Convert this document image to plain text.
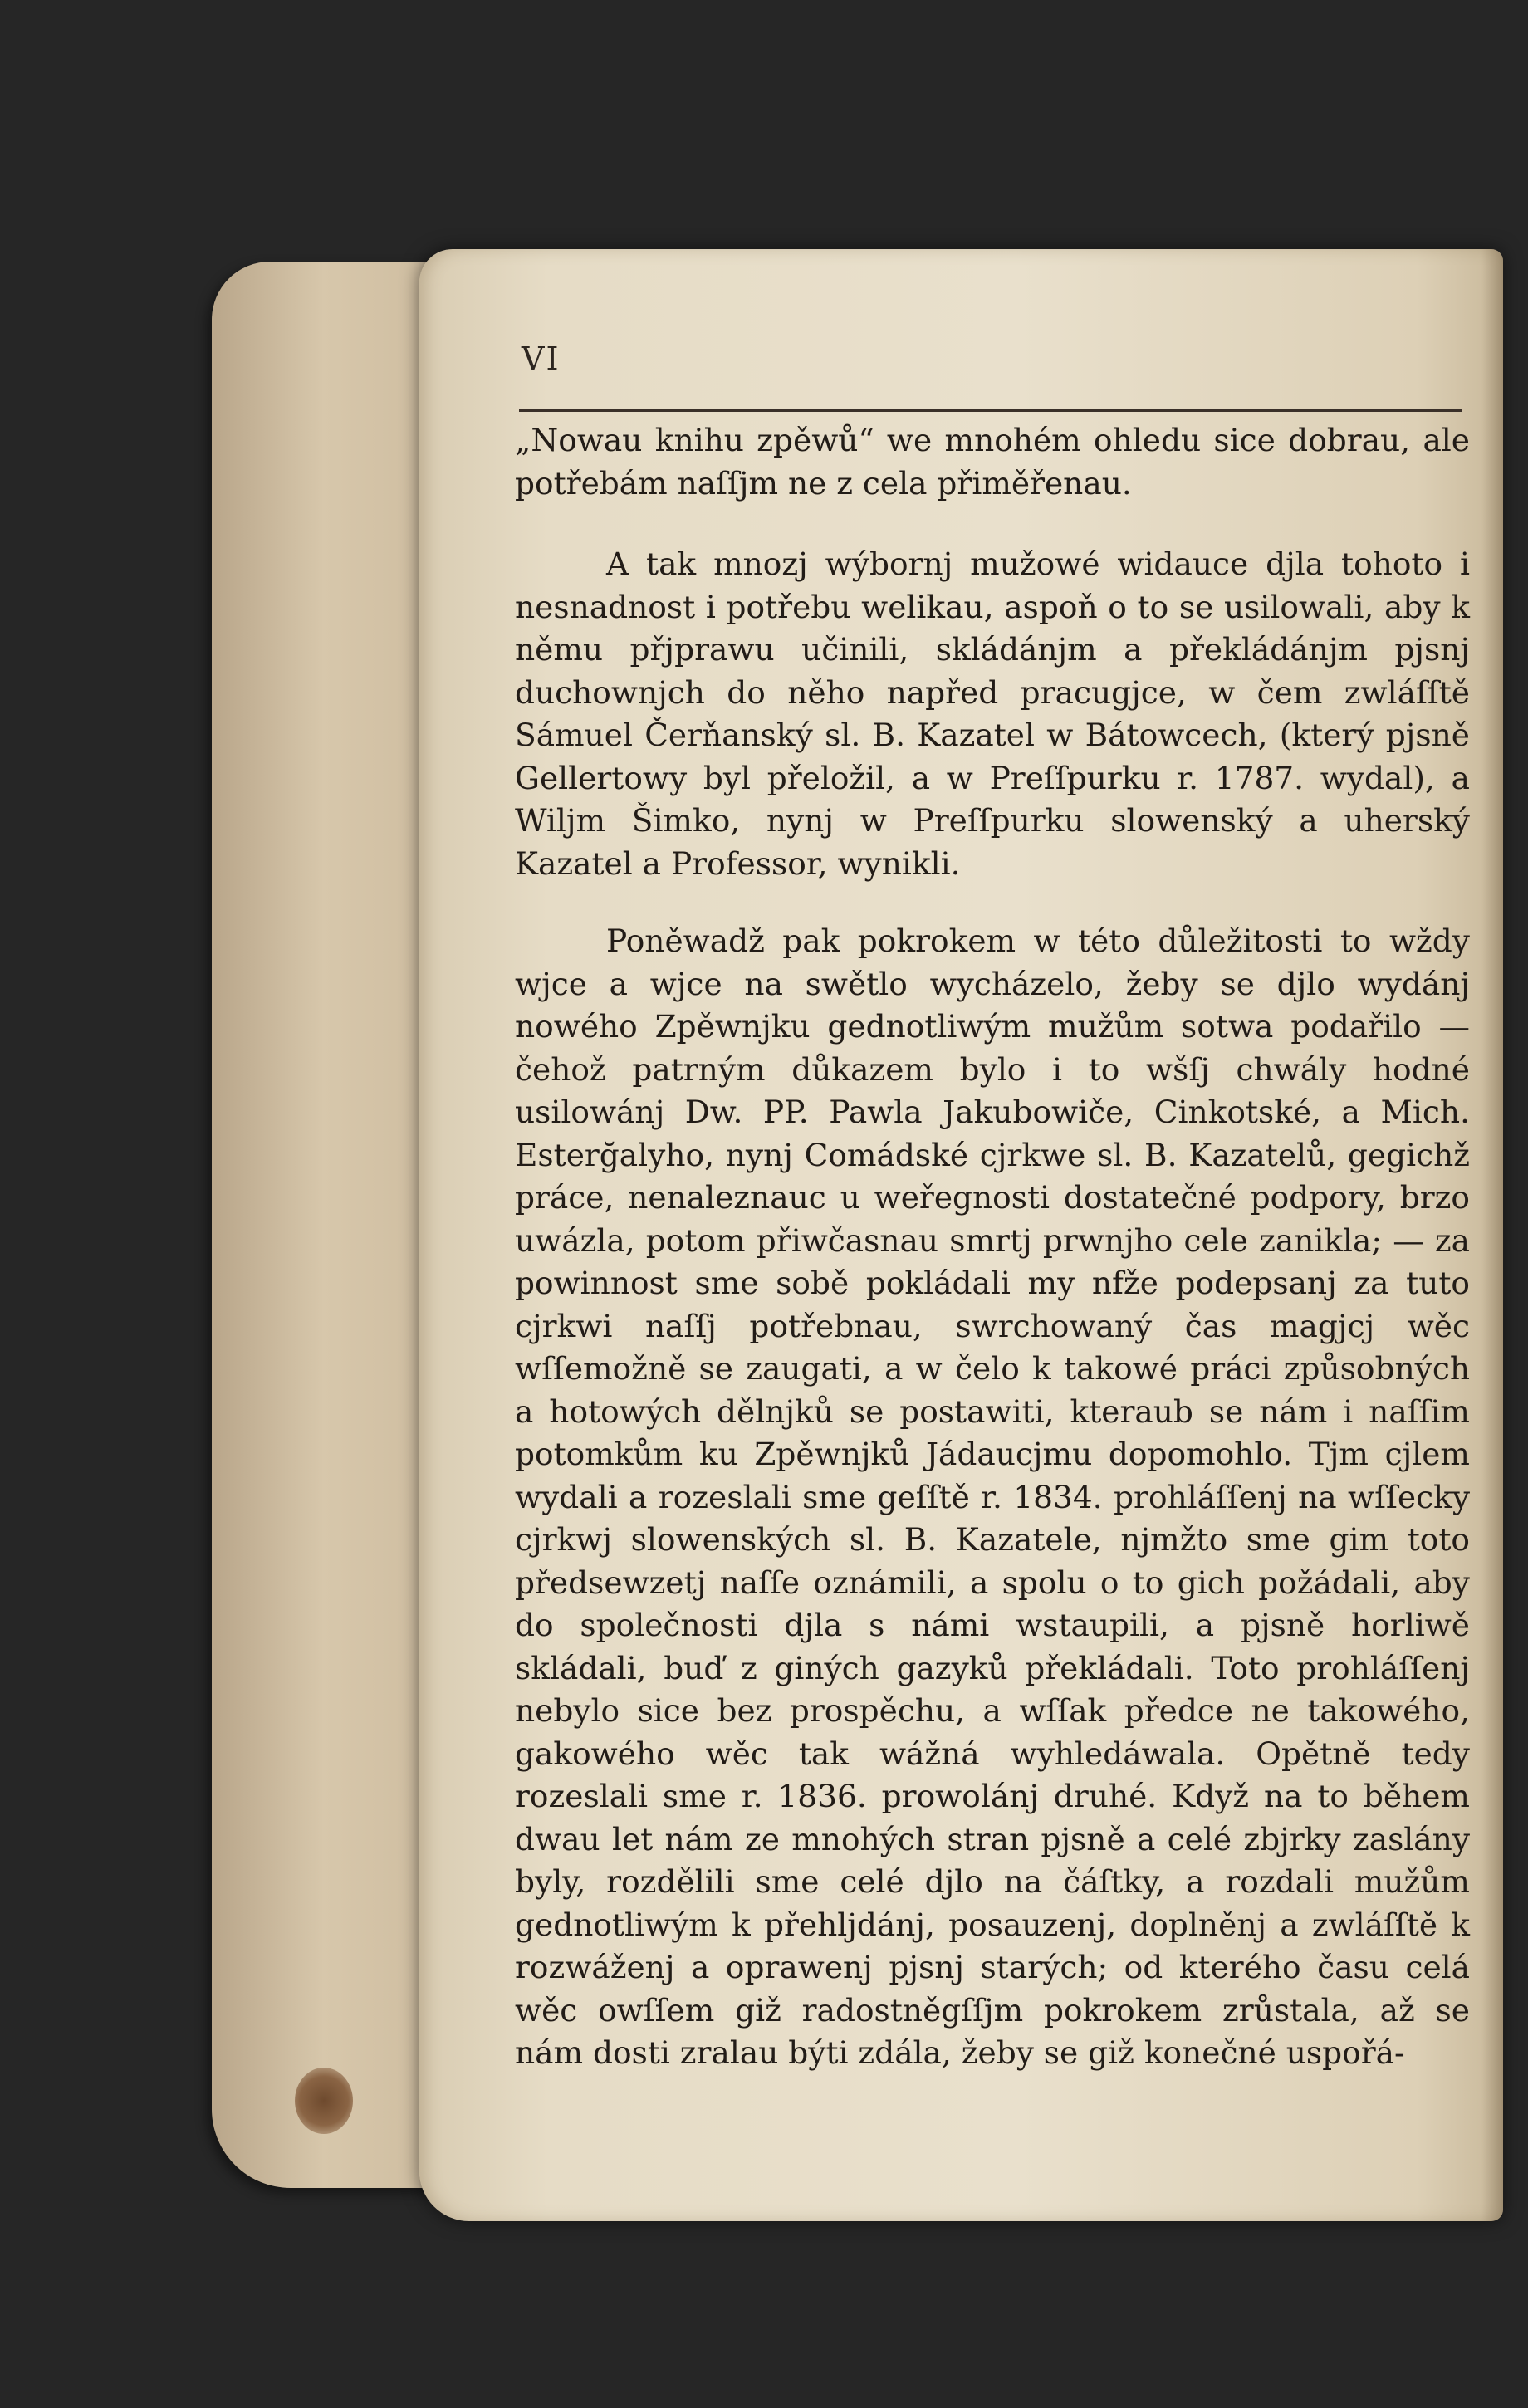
VI

„Nowau knihu zpěwů“ we mnohém ohledu sice dobrau, ale potřebám naſſjm ne z cela přiměřenau.

A tak mnozj wýbornj mužowé widauce djla tohoto i nesnadnost i potřebu welikau, aspoň o to se usilowali, aby k němu přjprawu učinili, skládánjm a překládánjm pjsnj duchownjch do něho napřed pracugjce, w čem zwláſſtě Sámuel Čerňanský sl. B. Kazatel w Bátowcech, (který pjsně Gellertowy byl přeložil, a w Preſſpurku r. 1787. wydal), a Wiljm Šimko, nynj w Preſſpurku slowenský a uherský Kazatel a Professor, wynikli.

Poněwadž pak pokrokem w této důležitosti to wždy wjce a wjce na swětlo wycházelo, žeby se djlo wydánj nowého Zpěwnjku gednotliwým mužům sotwa podařilo — čehož patrným důkazem bylo i to wšſj chwály hodné usilowánj Dw. PP. Pawla Jakubowiče, Cinkotské, a Mich. Esterğalyho, nynj Comádské cjrkwe sl. B. Kazatelů, gegichž práce, nenaleznauc u weřegnosti dostatečné podpory, brzo uwázla, potom přiwčasnau smrtj prwnjho cele zanikla; — za powinnost sme sobě pokládali my nfže podepsanj za tuto cjrkwi naſſj potřebnau, swrchowaný čas magjcj wěc wſſemožně se zaugati, a w čelo k takowé práci způsobných a hotowých dělnjků se postawiti, kteraub se nám i naſſim potomkům ku Zpěwnjků Jádaucjmu dopomohlo. Tjm cjlem wydali a rozeslali sme geſſtě r. 1834. prohláſſenj na wſſecky cjrkwj slowenských sl. B. Kazatele, njmžto sme gim toto předsewzetj naſſe oznámili, a spolu o to gich požádali, aby do společnosti djla s námi wstaupili, a pjsně horliwě skládali, buď z giných gazyků překládali. Toto prohláſſenj nebylo sice bez prospěchu, a wſſak předce ne takowého, gakowého wěc tak wážná wyhledáwala. Opětně tedy rozeslali sme r. 1836. prowolánj druhé. Když na to během dwau let nám ze mnohých stran pjsně a celé zbjrky zaslány byly, rozdělili sme celé djlo na čáſtky, a rozdali mužům gednotliwým k přehljdánj, posauzenj, doplněnj a zwláſſtě k rozwáženj a oprawenj pjsnj starých; od kterého času celá wěc owſſem giž radostněgſſjm pokrokem zrůstala, až se nám dosti zralau býti zdála, žeby se giž konečné uspořá-
